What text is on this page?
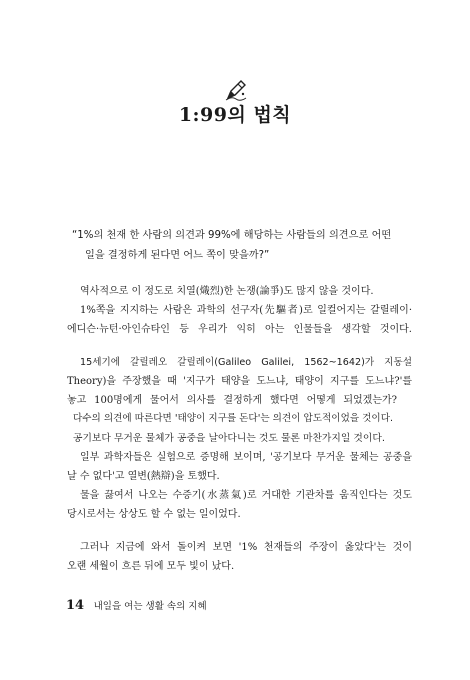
1:99의 법칙
“1%의 천재 한 사람의 의견과 99%에 해당하는 사람들의 의견으로 어떤
일을 결정하게 된다면 어느 쪽이 맞을까?”
역사적으로 이 정도로 치열(熾烈)한 논쟁(論爭)도 많지 않을 것이다.
1%쪽을 지지하는 사람은 과학의 선구자(先驅者)로 일컬어지는 갈릴레이·
에디슨·뉴턴·아인슈타인 등 우리가 익히 아는 인물들을 생각할 것이다.
15세기에 갈릴레오 갈릴레이(Galileo Galilei, 1562~1642)가 지동설
Theory)을 주장했을 때 '지구가 태양을 도느냐, 태양이 지구를 도느냐?'를
놓고 100명에게 물어서 의사를 결정하게 했다면 어떻게 되었겠는가?
다수의 의견에 따른다면 '태양이 지구를 돈다'는 의견이 압도적이었을 것이다.
공기보다 무거운 물체가 공중을 날아다니는 것도 물론 마찬가지일 것이다.
일부 과학자들은 실험으로 증명해 보이며, '공기보다 무거운 물체는 공중을
날 수 없다'고 열변(熱辯)을 토했다.
물을 끓여서 나오는 수증기(水蒸氣)로 거대한 기관차를 움직인다는 것도
당시로서는 상상도 할 수 없는 일이었다.
그러나 지금에 와서 돌이켜 보면 '1% 천재들의 주장이 옳았다'는 것이
오랜 세월이 흐른 뒤에 모두 빛이 났다.
14 내일을 여는 생활 속의 지혜
